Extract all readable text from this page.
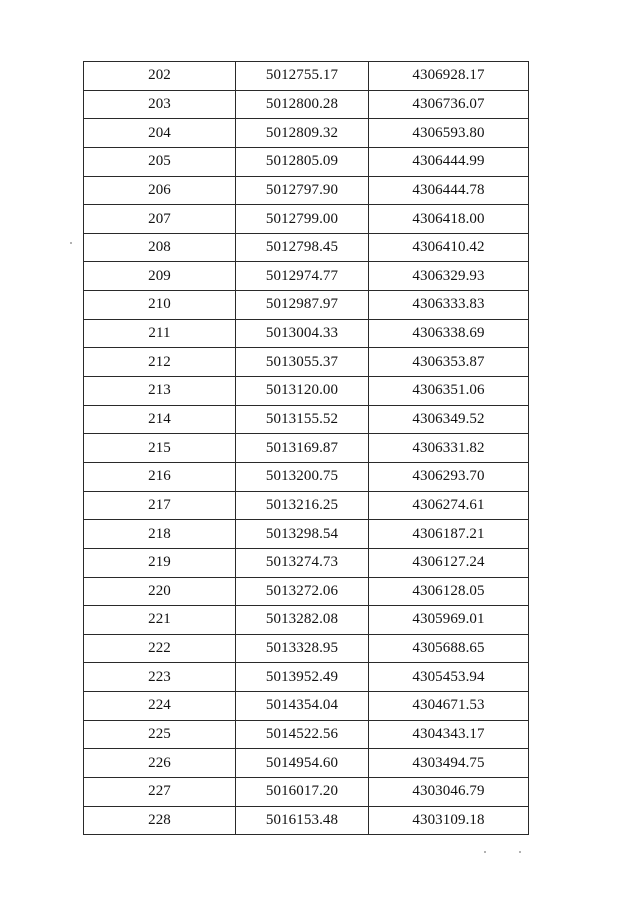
202	5012755.17	4306928.17
203	5012800.28	4306736.07
204	5012809.32	4306593.80
205	5012805.09	4306444.99
206	5012797.90	4306444.78
207	5012799.00	4306418.00
208	5012798.45	4306410.42
209	5012974.77	4306329.93
210	5012987.97	4306333.83
211	5013004.33	4306338.69
212	5013055.37	4306353.87
213	5013120.00	4306351.06
214	5013155.52	4306349.52
215	5013169.87	4306331.82
216	5013200.75	4306293.70
217	5013216.25	4306274.61
218	5013298.54	4306187.21
219	5013274.73	4306127.24
220	5013272.06	4306128.05
221	5013282.08	4305969.01
222	5013328.95	4305688.65
223	5013952.49	4305453.94
224	5014354.04	4304671.53
225	5014522.56	4304343.17
226	5014954.60	4303494.75
227	5016017.20	4303046.79
228	5016153.48	4303109.18
